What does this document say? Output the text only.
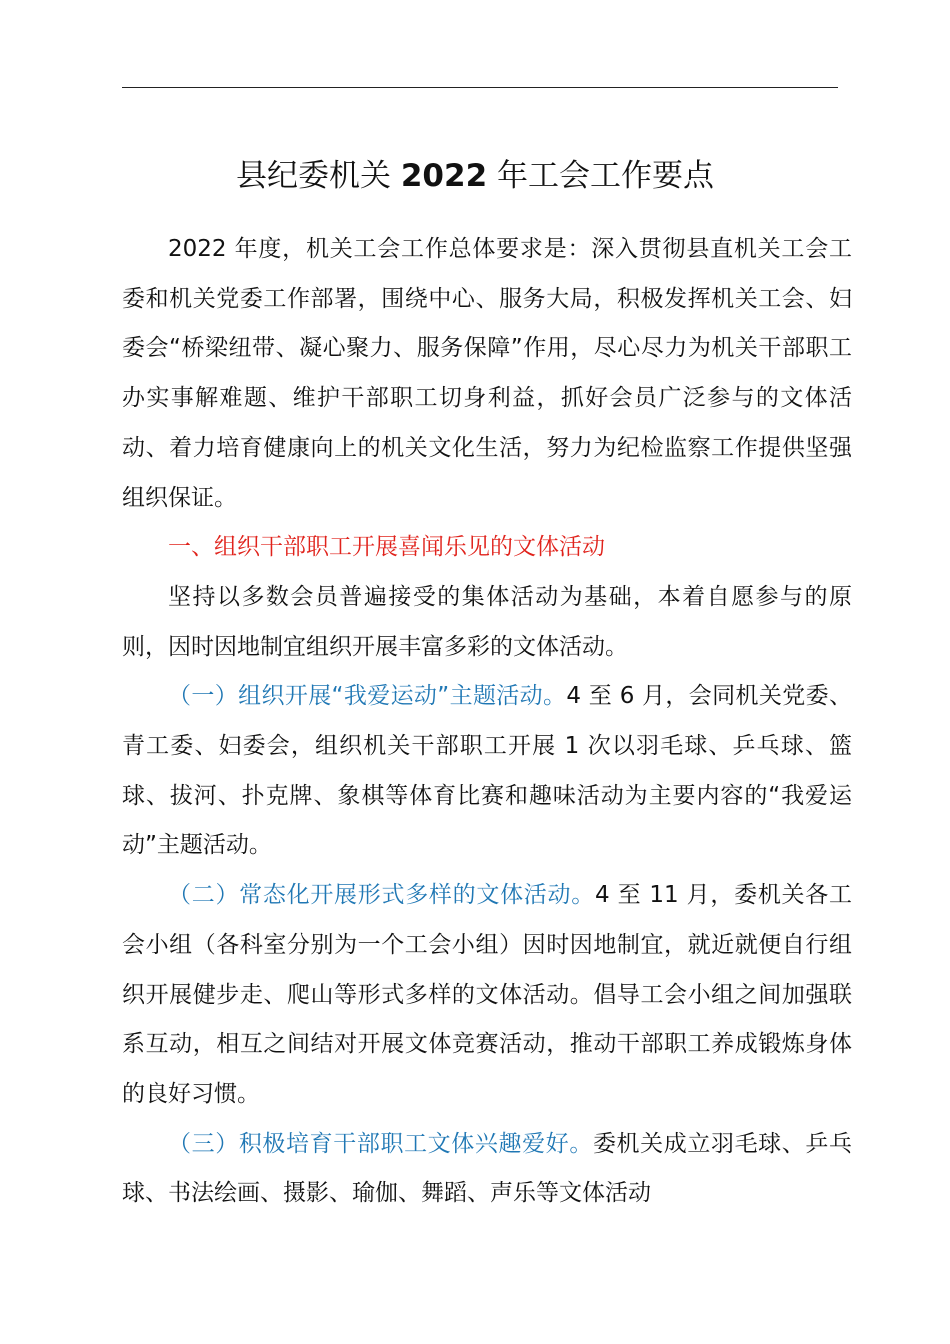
县纪委机关 2022 年工会工作要点

2022 年度，机关工会工作总体要求是：深入贯彻县直机关工会工委和机关党委工作部署，围绕中心、服务大局，积极发挥机关工会、妇委会“桥梁纽带、凝心聚力、服务保障”作用，尽心尽力为机关干部职工办实事解难题、维护干部职工切身利益，抓好会员广泛参与的文体活动、着力培育健康向上的机关文化生活，努力为纪检监察工作提供坚强组织保证。

一、组织干部职工开展喜闻乐见的文体活动

坚持以多数会员普遍接受的集体活动为基础，本着自愿参与的原则，因时因地制宜组织开展丰富多彩的文体活动。

（一）组织开展“我爱运动”主题活动。4 至 6 月，会同机关党委、青工委、妇委会，组织机关干部职工开展 1 次以羽毛球、乒乓球、篮球、拔河、扑克牌、象棋等体育比赛和趣味活动为主要内容的“我爱运动”主题活动。

（二）常态化开展形式多样的文体活动。4 至 11 月，委机关各工会小组（各科室分别为一个工会小组）因时因地制宜，就近就便自行组织开展健步走、爬山等形式多样的文体活动。倡导工会小组之间加强联系互动，相互之间结对开展文体竞赛活动，推动干部职工养成锻炼身体的良好习惯。

（三）积极培育干部职工文体兴趣爱好。委机关成立羽毛球、乒乓球、书法绘画、摄影、瑜伽、舞蹈、声乐等文体活动
